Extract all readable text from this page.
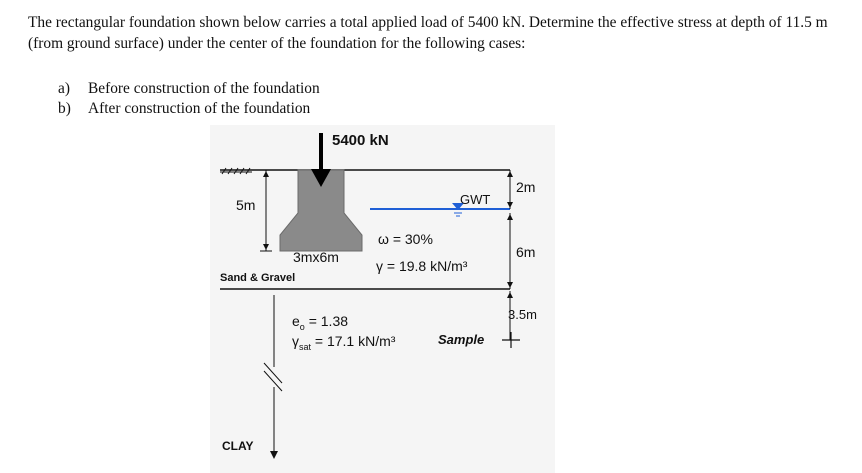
The rectangular foundation shown below carries a total applied load of 5400 kN. Determine the effective stress at depth of 11.5 m (from ground surface) under the center of the foundation for the following cases:
a) Before construction of the foundation
b) After construction of the foundation
5400 kN
5m
3mx6m
Sand & Gravel
GWT
2m
6m
3.5m
ω = 30%
γ = 19.8 kN/m³
$e_o = 1.38$
$\gamma_{sat} = 17.1$ kN/m³	Sample
CLAY
